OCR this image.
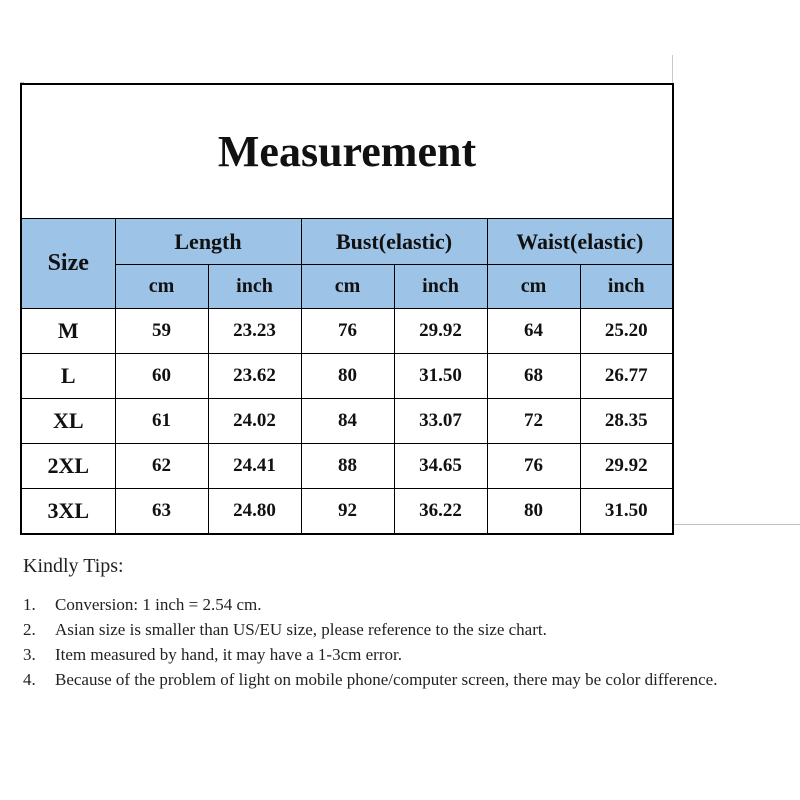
Measurement						
Size	Length		Bust(elastic)		Waist(elastic)	
	cm	inch	cm	inch	cm	inch
M	59	23.23	76	29.92	64	25.20
L	60	23.62	80	31.50	68	26.77
XL	61	24.02	84	33.07	72	28.35
2XL	62	24.41	88	34.65	76	29.92
3XL	63	24.80	92	36.22	80	31.50
Kindly Tips:
1.	Conversion: 1 inch = 2.54 cm.
2.	Asian size is smaller than US/EU size, please reference to the size chart.
3.	Item measured by hand, it may have a 1-3cm error.
4.	Because of the problem of light on mobile phone/computer screen, there may be color difference.
